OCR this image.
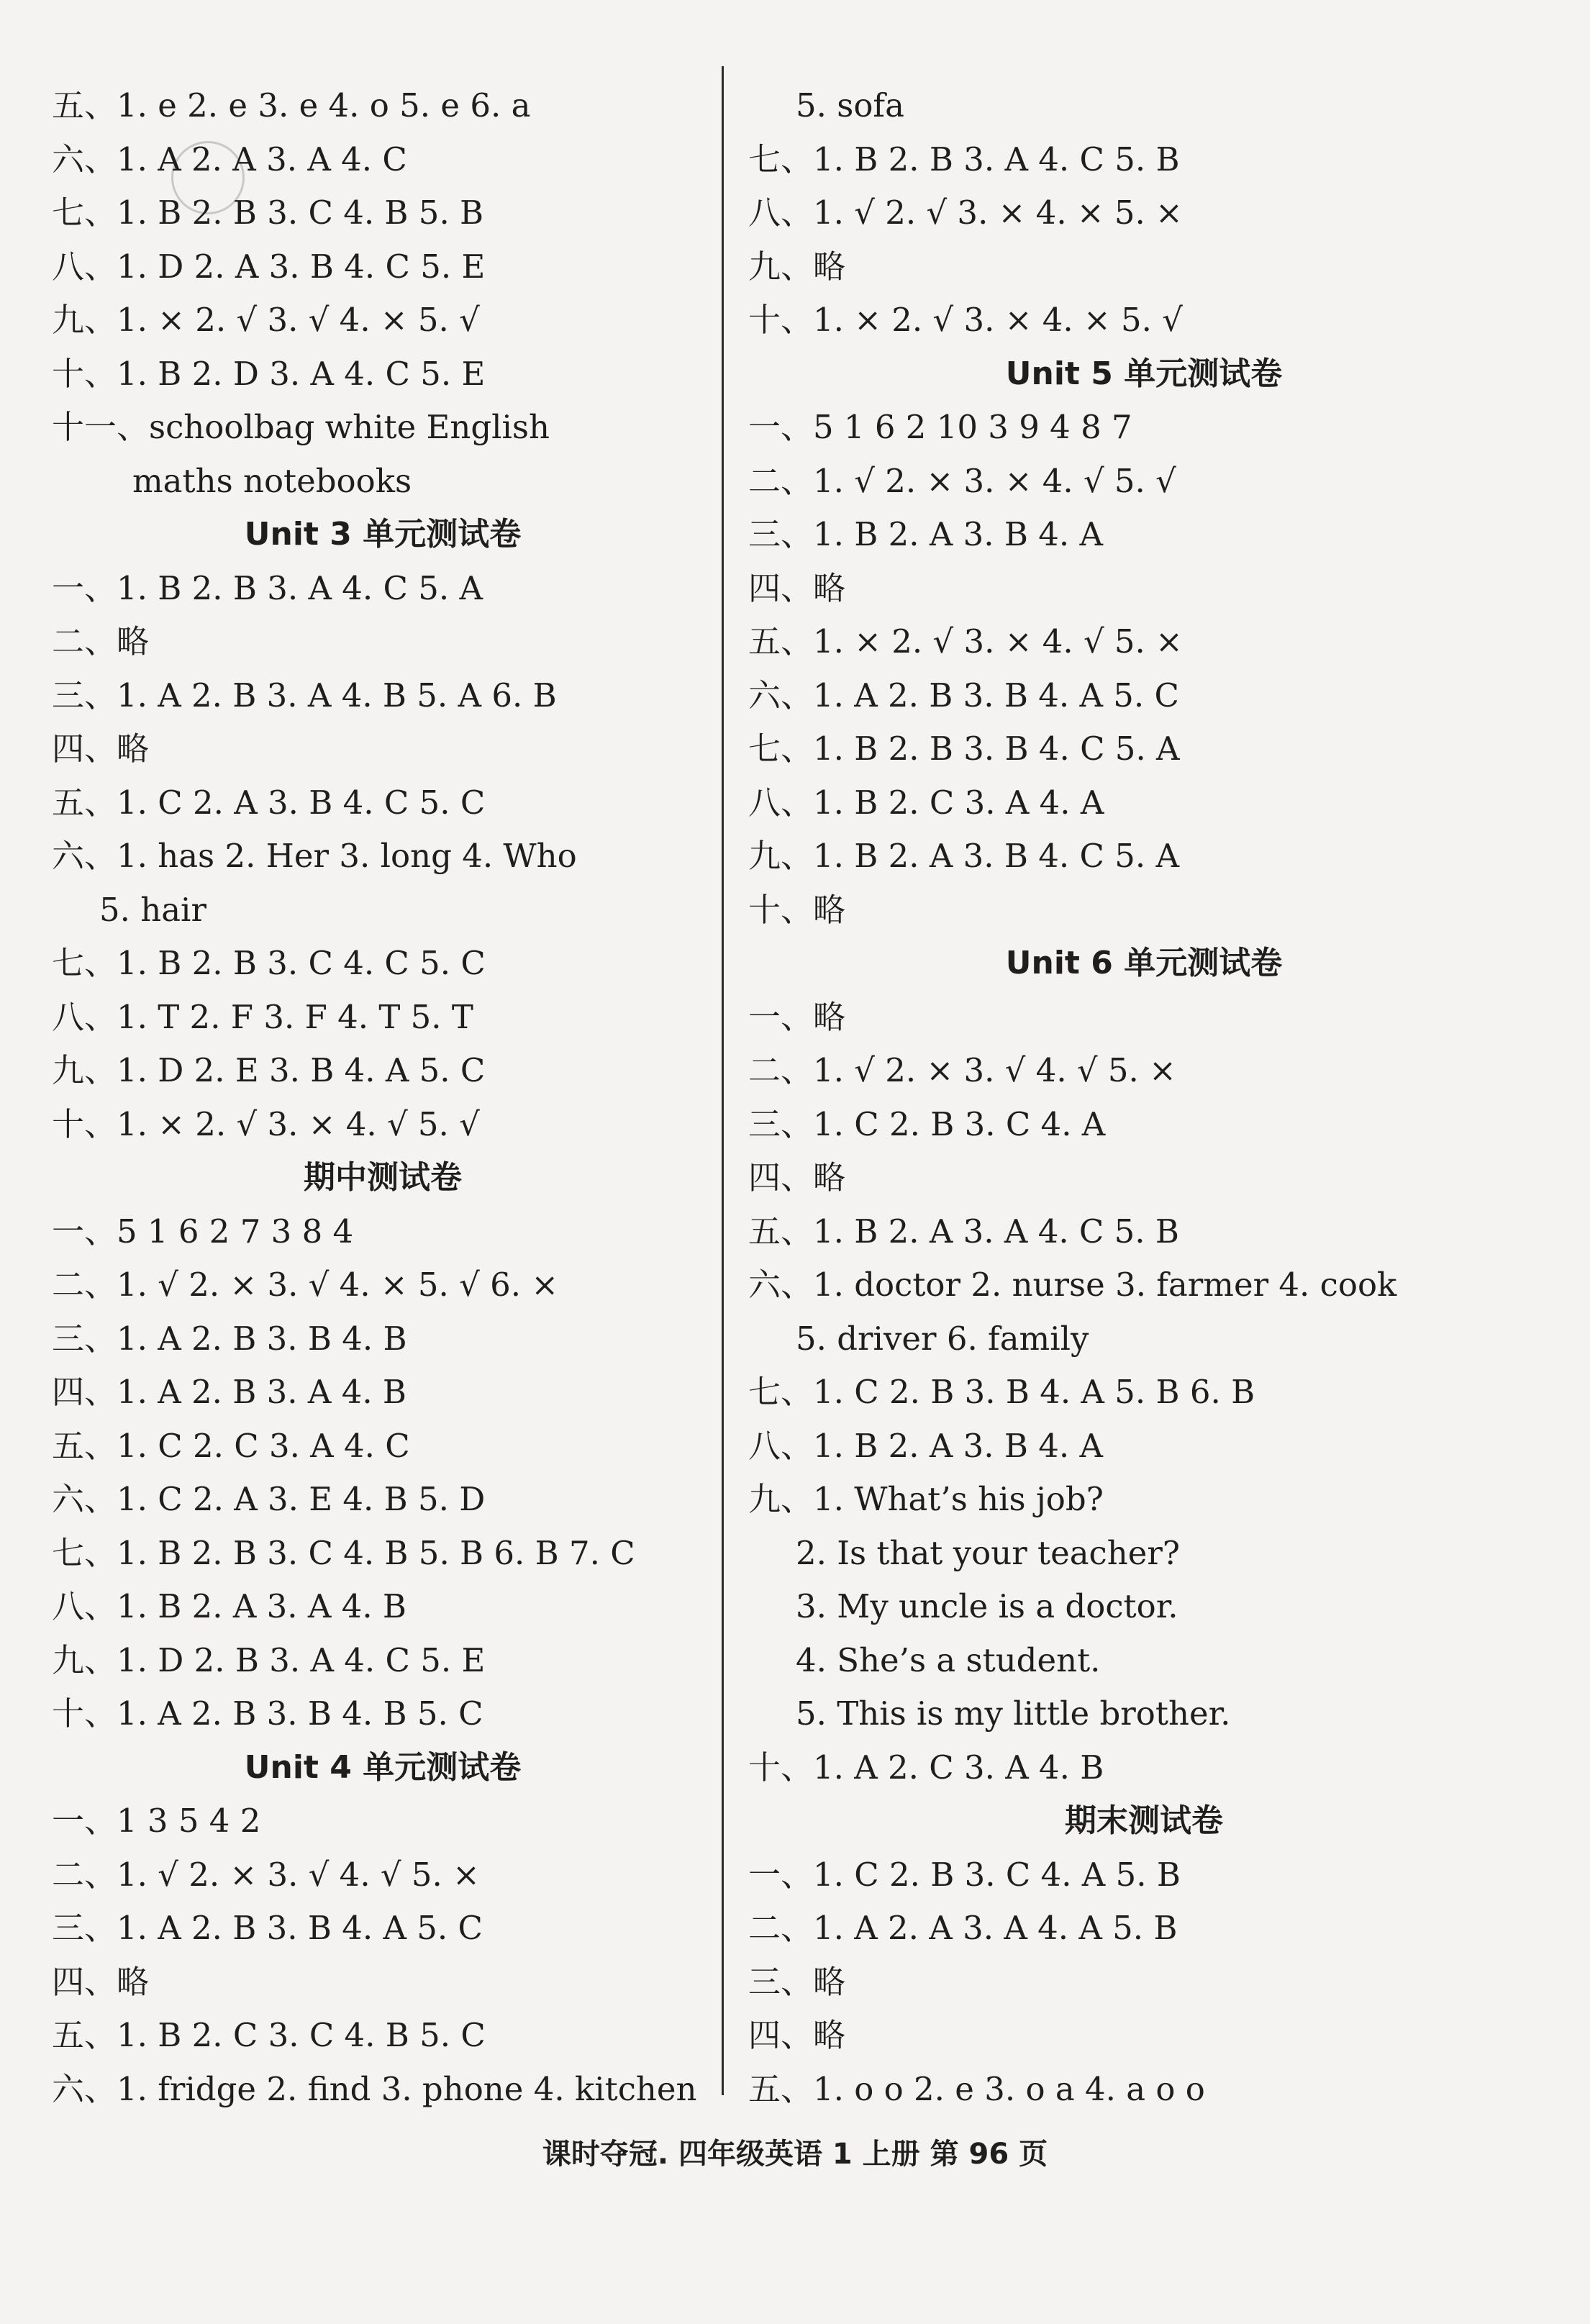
五、1. e 2. e 3. e 4. o 5. e 6. a
六、1. A 2. A 3. A 4. C
七、1. B 2. B 3. C 4. B 5. B
八、1. D 2. A 3. B 4. C 5. E
九、1. × 2. √ 3. √ 4. × 5. √
十、1. B 2. D 3. A 4. C 5. E
十一、schoolbag white English
maths notebooks
Unit 3 单元测试卷
一、1. B 2. B 3. A 4. C 5. A
二、略
三、1. A 2. B 3. A 4. B 5. A 6. B
四、略
五、1. C 2. A 3. B 4. C 5. C
六、1. has 2. Her 3. long 4. Who
5. hair
七、1. B 2. B 3. C 4. C 5. C
八、1. T 2. F 3. F 4. T 5. T
九、1. D 2. E 3. B 4. A 5. C
十、1. × 2. √ 3. × 4. √ 5. √
期中测试卷
一、5 1 6 2 7 3 8 4
二、1. √ 2. × 3. √ 4. × 5. √ 6. ×
三、1. A 2. B 3. B 4. B
四、1. A 2. B 3. A 4. B
五、1. C 2. C 3. A 4. C
六、1. C 2. A 3. E 4. B 5. D
七、1. B 2. B 3. C 4. B 5. B 6. B 7. C
八、1. B 2. A 3. A 4. B
九、1. D 2. B 3. A 4. C 5. E
十、1. A 2. B 3. B 4. B 5. C
Unit 4 单元测试卷
一、1 3 5 4 2
二、1. √ 2. × 3. √ 4. √ 5. ×
三、1. A 2. B 3. B 4. A 5. C
四、略
五、1. B 2. C 3. C 4. B 5. C
六、1. fridge 2. find 3. phone 4. kitchen
5. sofa
七、1. B 2. B 3. A 4. C 5. B
八、1. √ 2. √ 3. × 4. × 5. ×
九、略
十、1. × 2. √ 3. × 4. × 5. √
Unit 5 单元测试卷
一、5 1 6 2 10 3 9 4 8 7
二、1. √ 2. × 3. × 4. √ 5. √
三、1. B 2. A 3. B 4. A
四、略
五、1. × 2. √ 3. × 4. √ 5. ×
六、1. A 2. B 3. B 4. A 5. C
七、1. B 2. B 3. B 4. C 5. A
八、1. B 2. C 3. A 4. A
九、1. B 2. A 3. B 4. C 5. A
十、略
Unit 6 单元测试卷
一、略
二、1. √ 2. × 3. √ 4. √ 5. ×
三、1. C 2. B 3. C 4. A
四、略
五、1. B 2. A 3. A 4. C 5. B
六、1. doctor 2. nurse 3. farmer 4. cook
5. driver 6. family
七、1. C 2. B 3. B 4. A 5. B 6. B
八、1. B 2. A 3. B 4. A
九、1. What’s his job?
2. Is that your teacher?
3. My uncle is a doctor.
4. She’s a student.
5. This is my little brother.
十、1. A 2. C 3. A 4. B
期末测试卷
一、1. C 2. B 3. C 4. A 5. B
二、1. A 2. A 3. A 4. A 5. B
三、略
四、略
五、1. o o 2. e 3. o a 4. a o o
课时夺冠. 四年级英语 1 上册 第 96 页
